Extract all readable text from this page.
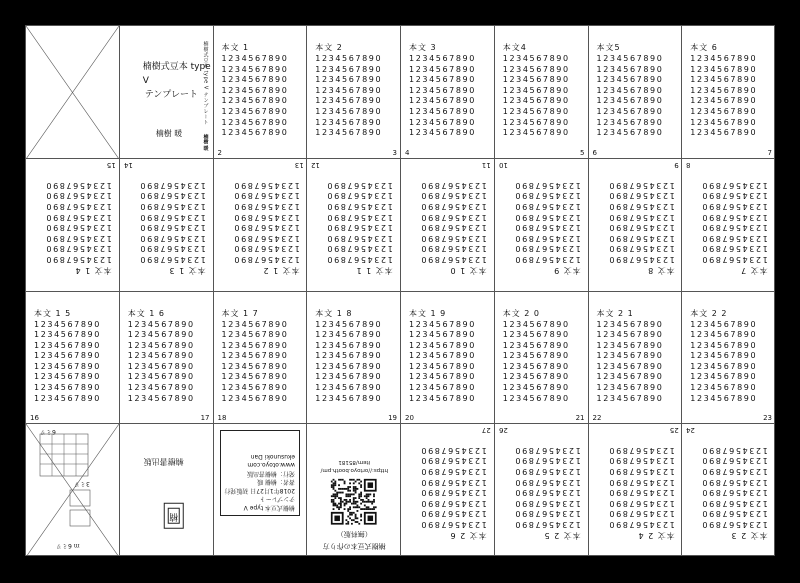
楠樹式豆本 type V
テンプレート
楠樹 暖
楠樹式豆本 type V テンプレート
楠樹 暖
6ミリ
3ミリ
ｍ 6ミリ
楠樹書出版
楠
楠樹式豆本 type V
テンプレート
2018年1月27日 初版発行
著者：楠樹 暖
発行：楠樹書出版
www.otoyo.com
ekusunoki Dan
楠樹式豆本の作り方
（無料版）
https://ortoyo.booth.pm/
item/85181
本文 1
1234567890
1234567890
1234567890
1234567890
1234567890
1234567890
1234567890
1234567890
2
本文 2
1234567890
1234567890
1234567890
1234567890
1234567890
1234567890
1234567890
1234567890
3
本文 3
1234567890
1234567890
1234567890
1234567890
1234567890
1234567890
1234567890
1234567890
4
本文4
1234567890
1234567890
1234567890
1234567890
1234567890
1234567890
1234567890
1234567890
5
本文5
1234567890
1234567890
1234567890
1234567890
1234567890
1234567890
1234567890
1234567890
6
本文 6
1234567890
1234567890
1234567890
1234567890
1234567890
1234567890
1234567890
1234567890
7
本文 7
1234567890
1234567890
1234567890
1234567890
1234567890
1234567890
1234567890
1234567890
8
本文 8
1234567890
1234567890
1234567890
1234567890
1234567890
1234567890
1234567890
1234567890
9
本文 9
1234567890
1234567890
1234567890
1234567890
1234567890
1234567890
1234567890
1234567890
10
本文 1 0
1234567890
1234567890
1234567890
1234567890
1234567890
1234567890
1234567890
1234567890
11
本文 1 1
1234567890
1234567890
1234567890
1234567890
1234567890
1234567890
1234567890
1234567890
12
本文 1 2
1234567890
1234567890
1234567890
1234567890
1234567890
1234567890
1234567890
1234567890
13
本文 1 3
1234567890
1234567890
1234567890
1234567890
1234567890
1234567890
1234567890
1234567890
14
本文 1 4
1234567890
1234567890
1234567890
1234567890
1234567890
1234567890
1234567890
1234567890
15
本文 1 5
1234567890
1234567890
1234567890
1234567890
1234567890
1234567890
1234567890
1234567890
16
本文 1 6
1234567890
1234567890
1234567890
1234567890
1234567890
1234567890
1234567890
1234567890
17
本文 1 7
1234567890
1234567890
1234567890
1234567890
1234567890
1234567890
1234567890
1234567890
18
本文 1 8
1234567890
1234567890
1234567890
1234567890
1234567890
1234567890
1234567890
1234567890
19
本文 1 9
1234567890
1234567890
1234567890
1234567890
1234567890
1234567890
1234567890
1234567890
20
本文 2 0
1234567890
1234567890
1234567890
1234567890
1234567890
1234567890
1234567890
1234567890
21
本文 2 1
1234567890
1234567890
1234567890
1234567890
1234567890
1234567890
1234567890
1234567890
22
本文 2 2
1234567890
1234567890
1234567890
1234567890
1234567890
1234567890
1234567890
1234567890
23
本文 2 3
1234567890
1234567890
1234567890
1234567890
1234567890
1234567890
1234567890
1234567890
24
本文 2 4
1234567890
1234567890
1234567890
1234567890
1234567890
1234567890
1234567890
1234567890
25
本文 2 5
1234567890
1234567890
1234567890
1234567890
1234567890
1234567890
1234567890
1234567890
26
本文 2 6
1234567890
1234567890
1234567890
1234567890
1234567890
1234567890
1234567890
1234567890
27
